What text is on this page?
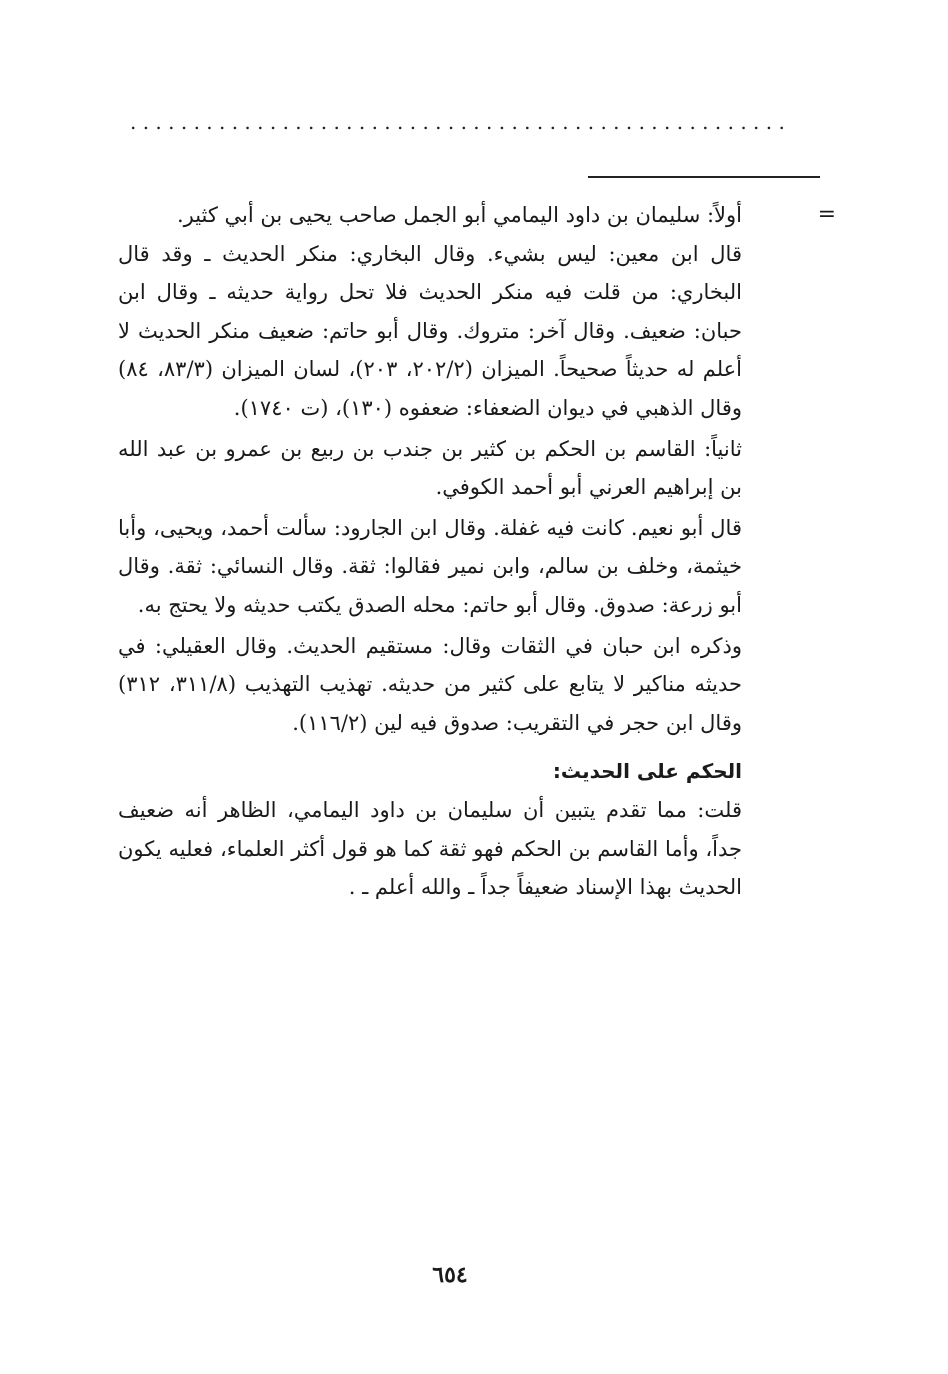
. . . . . . . . . . . . . . . . . . . . . . . . . . . . . . . . . . . . . . . . . . . . . . . . . . . .
=

أولاً: سليمان بن داود اليمامي أبو الجمل صاحب يحيى بن أبي كثير.

قال ابن معين: ليس بشيء. وقال البخاري: منكر الحديث ـ وقد قال البخاري: من قلت فيه منكر الحديث فلا تحل رواية حديثه ـ وقال ابن حبان: ضعيف. وقال آخر: متروك. وقال أبو حاتم: ضعيف منكر الحديث لا أعلم له حديثاً صحيحاً. الميزان (٢٠٢/٢، ٢٠٣)، لسان الميزان (٨٣/٣، ٨٤) وقال الذهبي في ديوان الضعفاء: ضعفوه (١٣٠)، (ت ١٧٤٠).

ثانياً: القاسم بن الحكم بن كثير بن جندب بن ربيع بن عمرو بن عبد الله بن إبراهيم العرني أبو أحمد الكوفي.

قال أبو نعيم. كانت فيه غفلة. وقال ابن الجارود: سألت أحمد، ويحيى، وأبا خيثمة، وخلف بن سالم، وابن نمير فقالوا: ثقة. وقال النسائي: ثقة. وقال أبو زرعة: صدوق. وقال أبو حاتم: محله الصدق يكتب حديثه ولا يحتج به.

وذكره ابن حبان في الثقات وقال: مستقيم الحديث. وقال العقيلي: في حديثه مناكير لا يتابع على كثير من حديثه. تهذيب التهذيب (٣١١/٨، ٣١٢) وقال ابن حجر في التقريب: صدوق فيه لين (١١٦/٢).

الحكم على الحديث:

قلت: مما تقدم يتبين أن سليمان بن داود اليمامي، الظاهر أنه ضعيف جداً، وأما القاسم بن الحكم فهو ثقة كما هو قول أكثر العلماء، فعليه يكون الحديث بهذا الإسناد ضعيفاً جداً ـ والله أعلم ـ .

٦٥٤
